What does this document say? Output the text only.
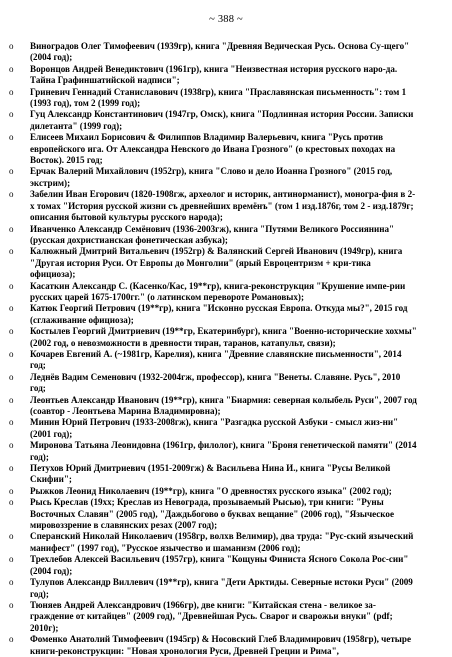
~ 388 ~
o Виноградов Олег Тимофеевич (1939гр), книга "Древняя Ведическая Русь. Основа Су-щего" (2004 год);
o Воронцов Андрей Венедиктович (1961гр), книга "Неизвестная история русского наро-да. Тайна Графиншатийской надписи";
o Гриневич Геннадий Станиславович (1938гр), книга "Праславянская письменность": том 1 (1993 год), том 2 (1999 год);
o Гуц Александр Константинович (1947гр, Омск), книга "Подлинная история России. Записки дилетанта" (1999 год);
o Елисеев Михаил Борисович & Филиппов Владимир Валерьевич, книга "Русь против европейского ига. От Александра Невского до Ивана Грозного" (о крестовых походах на Восток). 2015 год;
o Ерчак Валерий Михайлович (1952гр), книга "Слово и дело Иоанна Грозного" (2015 год, экстрим);
o Забелин Иван Егорович (1820-1908гж, археолог и историк, антинорманист), моногра-фия в 2-х томах "История русской жизни съ древнейших времёнъ" (том 1 изд.1876г, том 2 - изд.1879г; описания бытовой культуры русского народа);
o Иванченко Александр Семёнович (1936-2003гж), книга "Путями Великого Россиянина" (русская дохристианская фонетическая азбука);
o Калюжный Дмитрий Витальевич (1952гр) & Валянский Сергей Иванович (1949гр), книга "Другая история Руси. От Европы до Монголии" (ярый Евроцентризм + кри-тика официоза);
o Касаткин Александр С. (Касенко/Кас, 19**гр), книга-реконструкция "Крушение импе-рии русских царей 1675-1700гг." (о латинском перевороте Романовых);
o Катюк Георгий Петрович (19**гр), книга "Исконно русская Европа. Откуда мы?", 2015 год (сглаживание официоза);
o Костылев Георгий Дмитриевич (19**гр, Екатеринбург), книга "Военно-исторические хохмы" (2002 год, о невозможности в древности тиран, таранов, катапульт, связи);
o Кочарев Евгений А. (~1981гр, Карелия), книга "Древние славянские письменности", 2014 год;
o Леднёв Вадим Семенович (1932-2004гж, профессор), книга "Венеты. Славяне. Русь", 2010 год;
o Леонтьев Александр Иванович (19**гр), книга "Биармия: северная колыбель Руси", 2007 год (соавтор - Леонтьева Марина Владимировна);
o Минин Юрий Петрович (1933-2008гж), книга "Разгадка русской Азбуки - смысл жиз-ни" (2001 год);
o Миронова Татьяна Леонидовна (1961гр, филолог), книга "Броня генетической памяти" (2014 год);
o Петухов Юрий Дмитриевич (1951-2009гж) & Васильева Нина И., книга "Русы Великой Скифии";
o Рыжков Леонид Николаевич (19**гр), книга "О древностях русского языка" (2002 год);
o Рысь Креслав (19хх; Креслав из Невограда, прозываемый Рысью), три книги: "Руны Восточных Славян" (2005 год), "Даждьбогово о буквах вещание" (2006 год), "Языческое мировоззрение в славянских резах (2007 год);
o Сперанский Николай Николаевич (1958гр, волхв Велимир), два труда: "Рус-ский языческий манифест" (1997 год), "Русское язычество и шаманизм (2006 год);
o Трехлебов Алексей Васильевич (1957гр), книга "Кощуны Финиста Ясного Сокола Рос-сии" (2004 год);
o Тулупов Александр Виллевич (19**гр), книга "Дети Арктиды. Северные истоки Руси" (2009 год);
o Тюняев Андрей Александрович (1966гр), две книги: "Китайская стена - великое за-граждение от китайцев" (2009 год), "Древнейшая Русь. Сварог и сварожьи внуки" (pdf; 2010г);
o Фоменко Анатолий Тимофеевич (1945гр) & Носовский Глеб Владимирович (1958гр), четыре книги-реконструкции: "Новая хронология Руси, Древней Греции и Рима",
